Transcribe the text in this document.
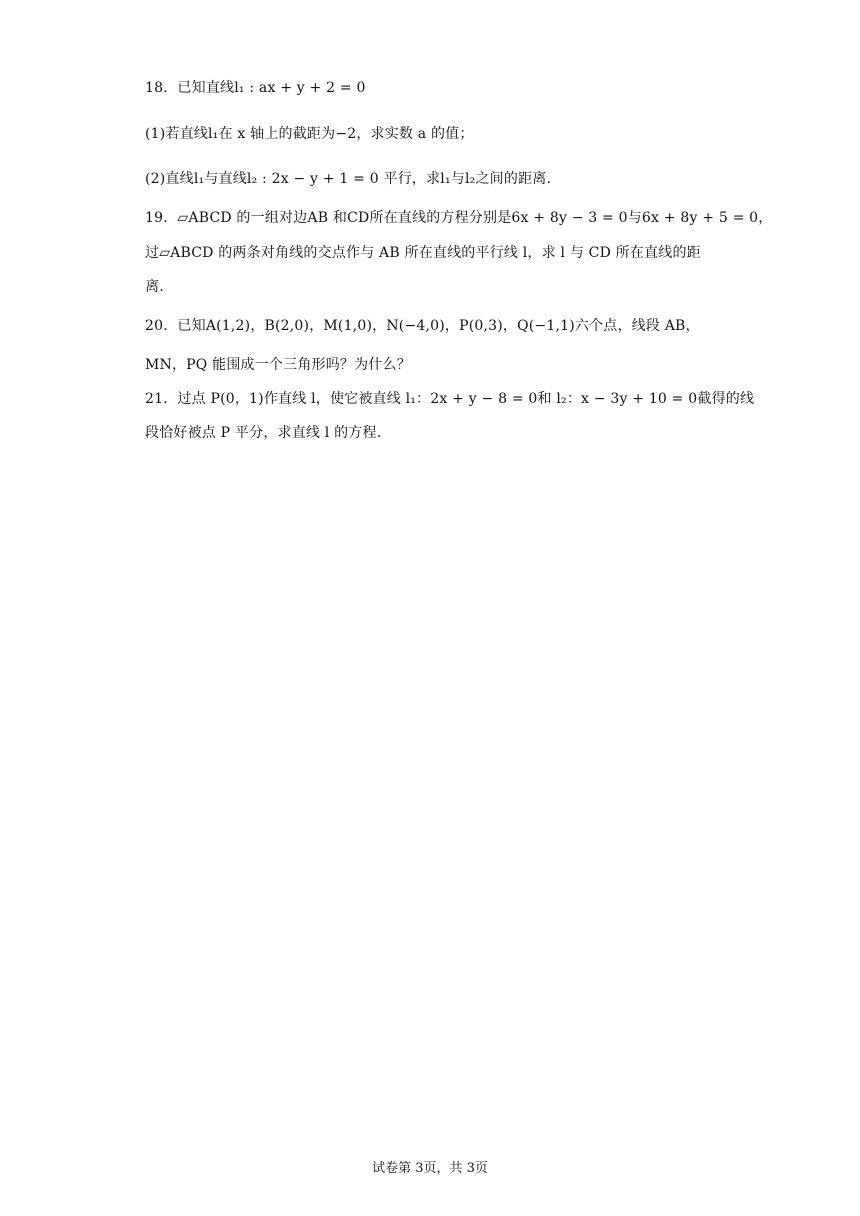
18．已知直线l₁ : ax + y + 2 = 0
(1)若直线l₁在 x 轴上的截距为−2，求实数 a 的值；
(2)直线l₁与直线l₂ : 2x − y + 1 = 0 平行，求l₁与l₂之间的距离.
19．▱ABCD 的一组对边AB 和CD所在直线的方程分别是6x + 8y − 3 = 0与6x + 8y + 5 = 0，
过▱ABCD 的两条对角线的交点作与 AB 所在直线的平行线 l，求 l 与 CD 所在直线的距
离.
20．已知A(1,2)，B(2,0)，M(1,0)，N(−4,0)，P(0,3)，Q(−1,1)六个点，线段 AB，
MN，PQ 能围成一个三角形吗？为什么？
21．过点 P(0，1)作直线 l，使它被直线 l₁：2x + y − 8 = 0和 l₂：x − 3y + 10 = 0截得的线
段恰好被点 P 平分，求直线 l 的方程.
试卷第 3页，共 3页
